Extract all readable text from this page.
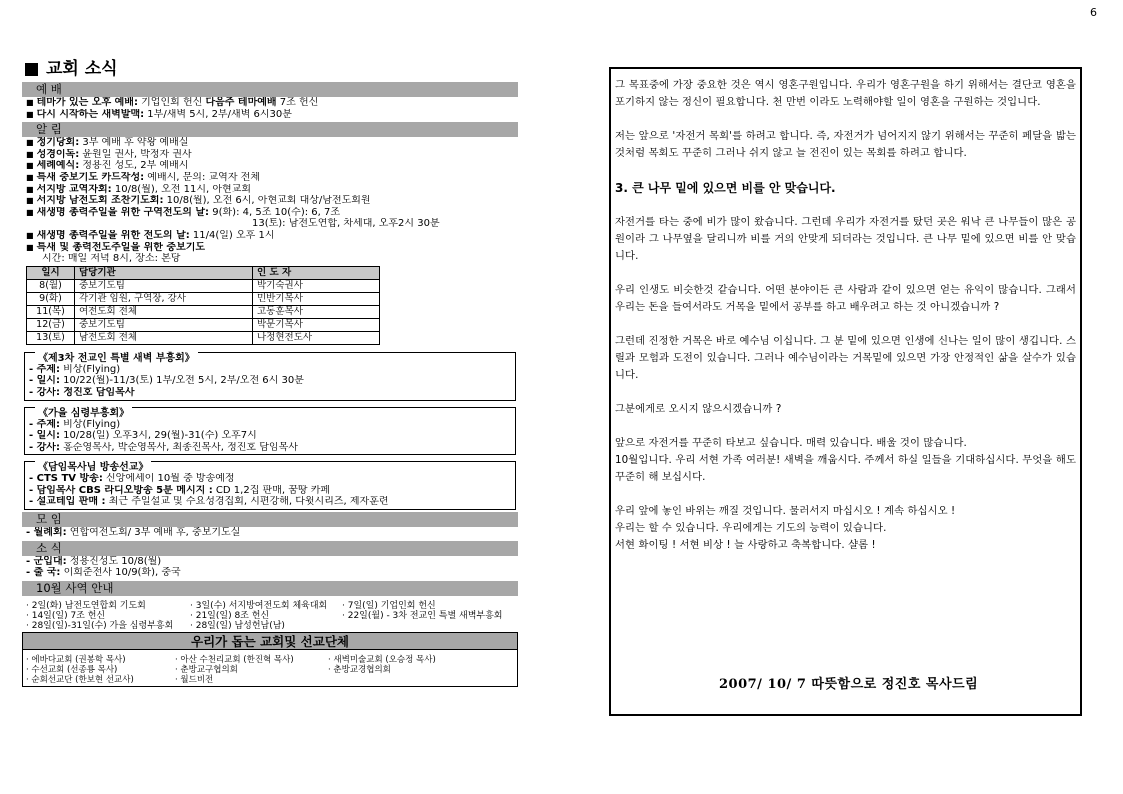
6
교회 소식
예 배
■ 테마가 있는 오후 예배: 기업인회 헌신 다음주 테마예배 7조 헌신
■ 다시 시작하는 새벽발맥: 1부/새벽 5시, 2부/새벽 6시30분
알 림
■ 정기당회: 3부 예배 후 약왕 예배실
■ 성경이독: 윤원일 권사, 박정자 권사
■ 세례예식: 정용진 성도, 2부 예배시
■ 특새 중보기도 카드작성: 예배시, 문의: 교역자 전체
■ 서지방 교역자회: 10/8(월), 오전 11시, 아현교회
■ 서지방 남전도회 조찬기도회: 10/8(월), 오전 6시, 아현교회 대상/남전도회원
■ 새생명 총력주일을 위한 구역전도의 날: 9(화): 4, 5조 10(수): 6, 7조
13(토): 남전도연합, 차세대, 오후2시 30분
■ 새생명 총력주일을 위한 전도의 날: 11/4(일) 오후 1시
■ 특새 및 총력전도주일을 위한 중보기도
시간: 매일 저녁 8시, 장소: 본당
일시	담당기관	인 도 자
8(월)	중보기도팀	박기숙권사
9(화)	각기관 임원, 구역장, 강사	민반기목사
11(목)	여전도회 전체	고동훈목사
12(금)	중보기도팀	박문기목사
13(토)	남전도회 전체	나정현전도사
《제3차 전교인 특별 새벽 부흥회》
- 주제: 비상(Flying)
- 일시: 10/22(월)-11/3(토) 1부/오전 5시, 2부/오전 6시 30분
- 강사: 정진호 담임목사
《가을 심령부흥회》
- 주제: 비상(Flying)
- 일시: 10/28(일) 오후3시, 29(월)-31(수) 오후7시
- 강사: 홍순영목사, 박순영목사, 최종진목사, 정진호 담임목사
《담임목사님 방송선교》
- CTS TV 방송: 신앙에세이 10월 중 방송예정
- 담임목사 CBS 라디오방송 5분 메시지 : CD 1,2집 판매, 꿈땅 카페
- 설교테입 판매 : 최근 주일설교 및 수요성경집회, 시편강해, 다윗시리즈, 제자훈련
모 임
- 월례회: 연합여전도회/ 3부 예배 후, 중보기도실
소 식
- 군입대: 정용진성도 10/8(월)
- 출 국: 이희준전사 10/9(화), 중국
10월 사역 안내
· 2일(화) 남전도연합회 기도회	· 3일(수) 서지방여전도회 체육대회 · 7일(일) 기업인회 헌신
· 14일(일) 7조 헌신	· 21일(일) 8조 헌신	· 22일(월) - 3차 전교인 특별 새벽부흥회
· 28일(일)-31일(수) 가을 심령부흥회 · 28일(일) 남성헌남(남)
우리가 돕는 교회및 선교단체
· 에바다교회 (권봉학 목사)	· 아산 수천리교회 (한진혁 목사)	· 새벽미술교회 (오승정 목사)
· 수선교회 (선종룡 목사)	· 춘방교구협의회	· 춘방교경협의회
· 순회선교단 (한보현 선교사)	· 월드비전
그 목표중에 가장 중요한 것은 역시 영혼구원입니다. 우리가 영혼구원을 하기 위해서는 결단코 영혼을 포기하지 않는 정신이 필요합니다. 천 만번 이라도 노력해야할 일이 영혼을 구원하는 것입니다.
저는 앞으로 '자전거 목회'를 하려고 합니다. 즉, 자전거가 넘어지지 않기 위해서는 꾸준히 페달을 밟는 것처럼 목회도 꾸준히 그러나 쉬지 않고 늘 전진이 있는 목회를 하려고 합니다.
3. 큰 나무 밑에 있으면 비를 안 맞습니다.
자전거를 타는 중에 비가 많이 왔습니다. 그런데 우리가 자전거를 탔던 곳은 워낙 큰 나무들이 많은 공원이라 그 나무옆을 달리니까 비를 거의 안맞게 되더라는 것입니다. 큰 나무 밑에 있으면 비를 안 맞습니다.
우리 인생도 비슷한것 같습니다. 어떤 분야이든 큰 사람과 같이 있으면 얻는 유익이 많습니다. 그래서 우리는 돈을 들여서라도 거목을 밑에서 공부를 하고 배우려고 하는 것 아니겠습니까 ?
그런데 진정한 거목은 바로 예수님 이십니다. 그 분 밑에 있으면 인생에 신나는 일이 많이 생깁니다. 스릴과 모험과 도전이 있습니다. 그러나 예수님이라는 거목밑에 있으면 가장 안정적인 삶을 살수가 있습니다.
그분에게로 오시지 않으시겠습니까 ?
앞으로 자전거를 꾸준히 타보고 싶습니다. 매력 있습니다. 배울 것이 많습니다.
10월입니다. 우리 서현 가족 여러분! 새벽을 깨웁시다. 주께서 하실 일들을 기대하십시다. 무엇을 해도 꾸준히 해 보십시다.
우리 앞에 놓인 바위는 깨질 것입니다. 물러서지 마십시오 ! 계속 하십시오 !
우리는 할 수 있습니다. 우리에게는 기도의 능력이 있습니다.
서현 화이팅 ! 서현 비상 ! 늘 사랑하고 축복합니다. 샬롬 !
2007/ 10/ 7 따뜻함으로 정진호 목사드림
